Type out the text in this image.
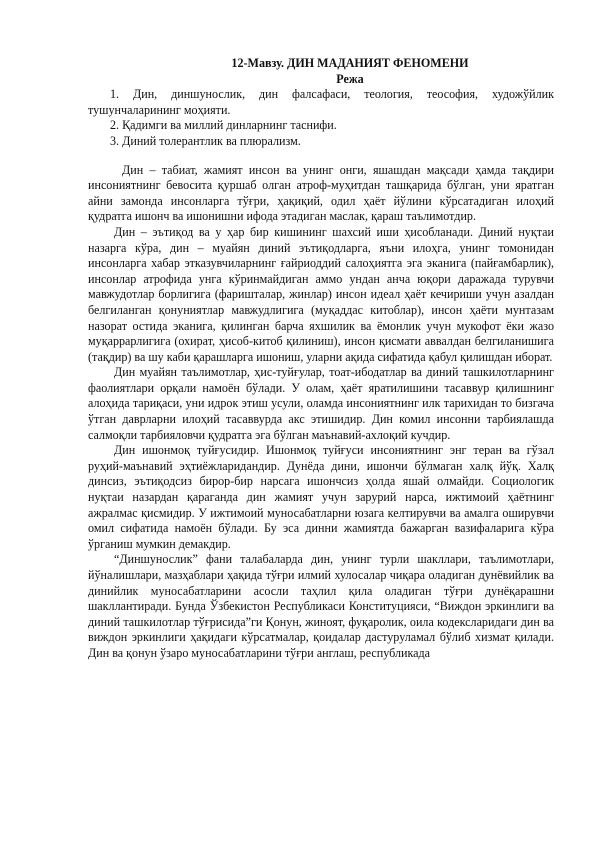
12-Мавзу. ДИН МАДАНИЯТ ФЕНОМЕНИ

Режа

1. Дин, диншунослик, дин фалсафаси, теология, теософия, художўйлик тушунчаларининг моҳияти.
2. Қадимги ва миллий динларнинг таснифи.
3. Диний толерантлик ва плюрализм.

Дин – табиат, жамият инсон ва унинг онги, яшашдан мақсади ҳамда тақдири инсониятнинг бевосита қуршаб олган атроф-муҳитдан ташқарида бўлган, уни яратган айни замонда инсонларга тўғри, ҳақиқий, одил ҳаёт йўлини кўрсатадиган илоҳий қудратга ишонч ва ишонишни ифода этадиган маслак, қараш таълимотдир.

Дин – эътиқод ва у ҳар бир кишининг шахсий иши ҳисобланади. Диний нуқтаи назарга кўра, дин – муайян диний эътиқодларга, яъни илоҳга, унинг томонидан инсонларга хабар этказувчиларнинг ғайриоддий салоҳиятга эга эканига (пайғамбарлик), инсонлар атрофида унга кўринмайдиган аммо ундан анча юқори даражада турувчи мавжудотлар борлигига (фаришталар, жинлар) инсон идеал ҳаёт кечириши учун азалдан белгиланган қонуниятлар мавжудлигига (муқаддас китоблар), инсон ҳаёти мунтазам назорат остида эканига, қилинган барча яхшилик ва ёмонлик учун мукофот ёки жазо муқаррарлигига (охират, ҳисоб-китоб қилиниш), инсон қисмати аввалдан белгиланишига (тақдир) ва шу каби қарашларга ишониш, уларни ақида сифатида қабул қилишдан иборат.

Дин муайян таълимотлар, ҳис-туйғулар, тоат-ибодатлар ва диний ташкилотларнинг фаолиятлари орқали намоён бўлади. У олам, ҳаёт яратилишини тасаввур қилишнинг алоҳида тариқаси, уни идрок этиш усули, оламда инсониятнинг илк тарихидан то бизгача ўтган даврларни илоҳий тасаввурда акс этишидир. Дин комил инсонни тарбиялашда салмоқли тарбияловчи қудратга эга бўлган маънавий-ахлоқий кучдир.

Дин ишонмоқ туйғусидир. Ишонмоқ туйғуси инсониятнинг энг теран ва гўзал руҳий-маънавий эҳтиёжларидандир. Дунёда дини, ишончи бўлмаган халқ йўқ. Халқ динсиз, эътиқодсиз бирор-бир нарсага ишончсиз ҳолда яшай олмайди. Социологик нуқтаи назардан қараганда дин жамият учун зарурий нарса, ижтимоий ҳаётнинг ажралмас қисмидир. У ижтимоий муносабатларни юзага келтирувчи ва амалга оширувчи омил сифатида намоён бўлади. Бу эса динни жамиятда бажарган вазифаларига кўра ўрганиш мумкин демакдир.

“Диншунослик” фани талабаларда дин, унинг турли шакллари, таълимотлари, йўналишлари, мазҳаблари ҳақида тўғри илмий хулосалар чиқара оладиган дунёвийлик ва динийлик муносабатларини асосли таҳлил қила оладиган тўғри дунёқарашни шакллантиради. Бунда Ўзбекистон Республикаси Конституцияси, “Виждон эркинлиги ва диний ташкилотлар тўғрисида”ги Қонун, жиноят, фуқаролик, оила кодексларидаги дин ва виждон эркинлиги ҳақидаги кўрсатмалар, қоидалар дастуруламал бўлиб хизмат қилади. Дин ва қонун ўзаро муносабатларини тўғри англаш, республикада
